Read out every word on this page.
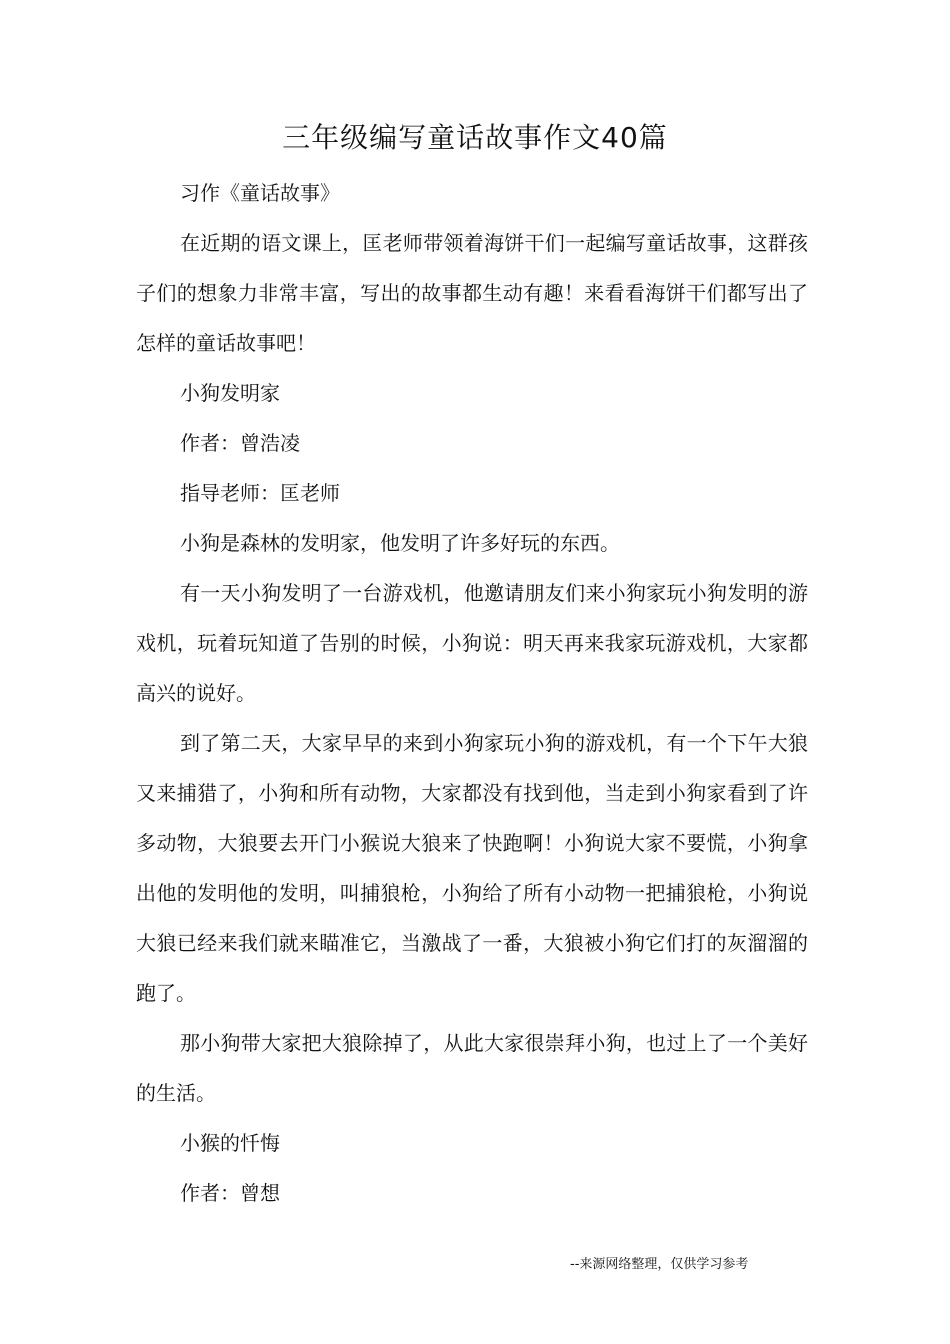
三年级编写童话故事作文40篇

习作《童话故事》

在近期的语文课上，匡老师带领着海饼干们一起编写童话故事，这群孩子们的想象力非常丰富，写出的故事都生动有趣！来看看海饼干们都写出了怎样的童话故事吧！

小狗发明家

作者：曾浩凌

指导老师：匡老师

小狗是森林的发明家，他发明了许多好玩的东西。

有一天小狗发明了一台游戏机，他邀请朋友们来小狗家玩小狗发明的游戏机，玩着玩知道了告别的时候，小狗说：明天再来我家玩游戏机，大家都高兴的说好。

到了第二天，大家早早的来到小狗家玩小狗的游戏机，有一个下午大狼又来捕猎了，小狗和所有动物，大家都没有找到他，当走到小狗家看到了许多动物，大狼要去开门小猴说大狼来了快跑啊！小狗说大家不要慌，小狗拿出他的发明他的发明，叫捕狼枪，小狗给了所有小动物一把捕狼枪，小狗说大狼已经来我们就来瞄准它，当激战了一番，大狼被小狗它们打的灰溜溜的跑了。

那小狗带大家把大狼除掉了，从此大家很崇拜小狗，也过上了一个美好的生活。

小猴的忏悔

作者：曾想

--来源网络整理，仅供学习参考
